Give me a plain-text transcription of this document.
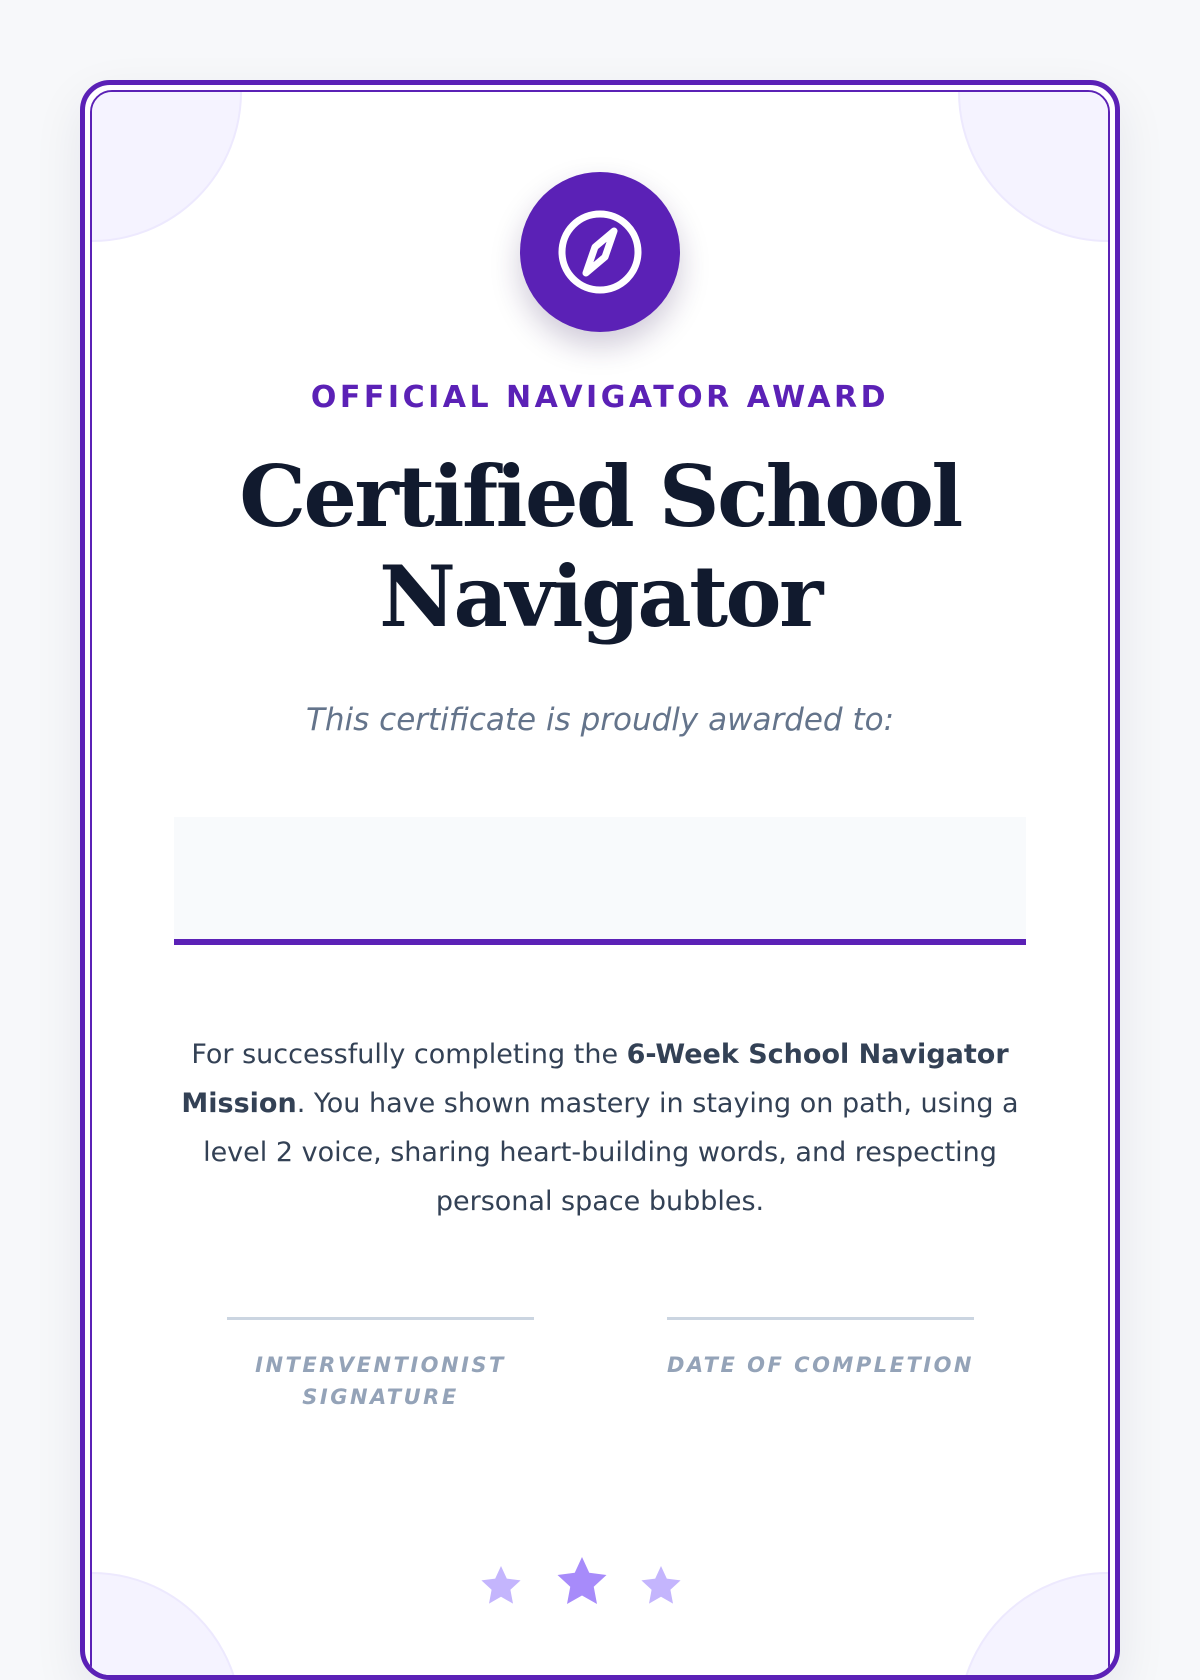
OFFICIAL NAVIGATOR AWARD
Certified School
Navigator
This certificate is proudly awarded to:

For successfully completing the 6-Week School Navigator Mission. You have shown mastery in staying on path, using a level 2 voice, sharing heart-building words, and respecting personal space bubbles.

INTERVENTIONIST SIGNATURE
DATE OF COMPLETION
